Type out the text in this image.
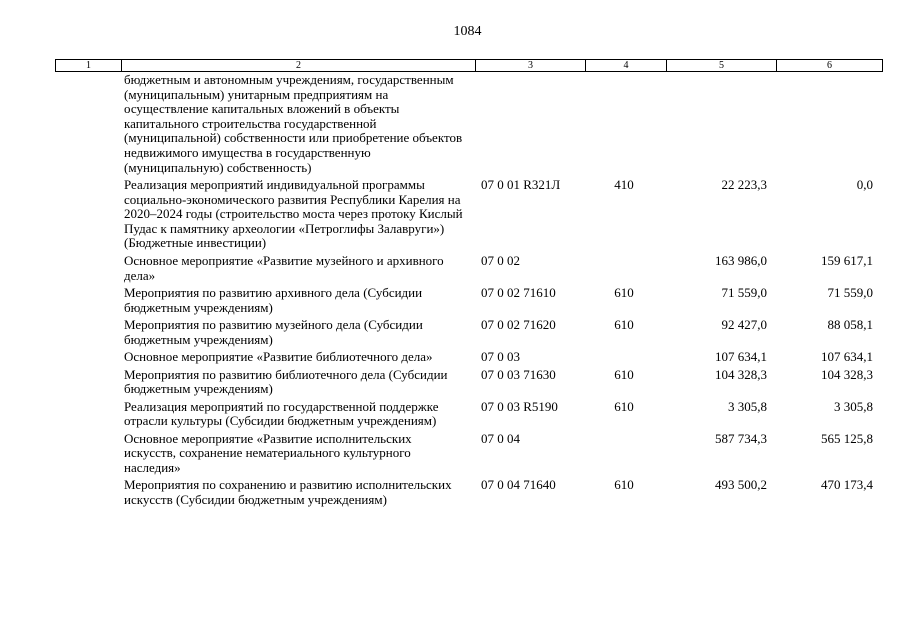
1084
1	2	3	4	5	6
	бюджетным и автономным учреждениям, государственным (муниципальным) унитарным предприятиям на осуществление капитальных вложений в объекты капитального строительства государственной (муниципальной) собственности или приобретение объектов недвижимого имущества в государственную (муниципальную) собственность)				
	Реализация мероприятий индивидуальной программы социально-экономического развития Республики Карелия на 2020–2024 годы (строительство моста через протоку Кислый Пудас к памятнику археологии «Петроглифы Залавруги») (Бюджетные инвестиции)	07 0 01 R321Л	410	22 223,3	0,0
	Основное мероприятие «Развитие музейного и архивного дела»	07 0 02		163 986,0	159 617,1
	Мероприятия по развитию архивного дела (Субсидии бюджетным учреждениям)	07 0 02 71610	610	71 559,0	71 559,0
	Мероприятия по развитию музейного дела (Субсидии бюджетным учреждениям)	07 0 02 71620	610	92 427,0	88 058,1
	Основное мероприятие «Развитие библиотечного дела»	07 0 03		107 634,1	107 634,1
	Мероприятия по развитию библиотечного дела (Субсидии бюджетным учреждениям)	07 0 03 71630	610	104 328,3	104 328,3
	Реализация мероприятий по государственной поддержке отрасли культуры (Субсидии бюджетным учреждениям)	07 0 03 R5190	610	3 305,8	3 305,8
	Основное мероприятие «Развитие исполнительских искусств, сохранение нематериального культурного наследия»	07 0 04		587 734,3	565 125,8
	Мероприятия по сохранению и развитию исполнительских искусств (Субсидии бюджетным учреждениям)	07 0 04 71640	610	493 500,2	470 173,4
